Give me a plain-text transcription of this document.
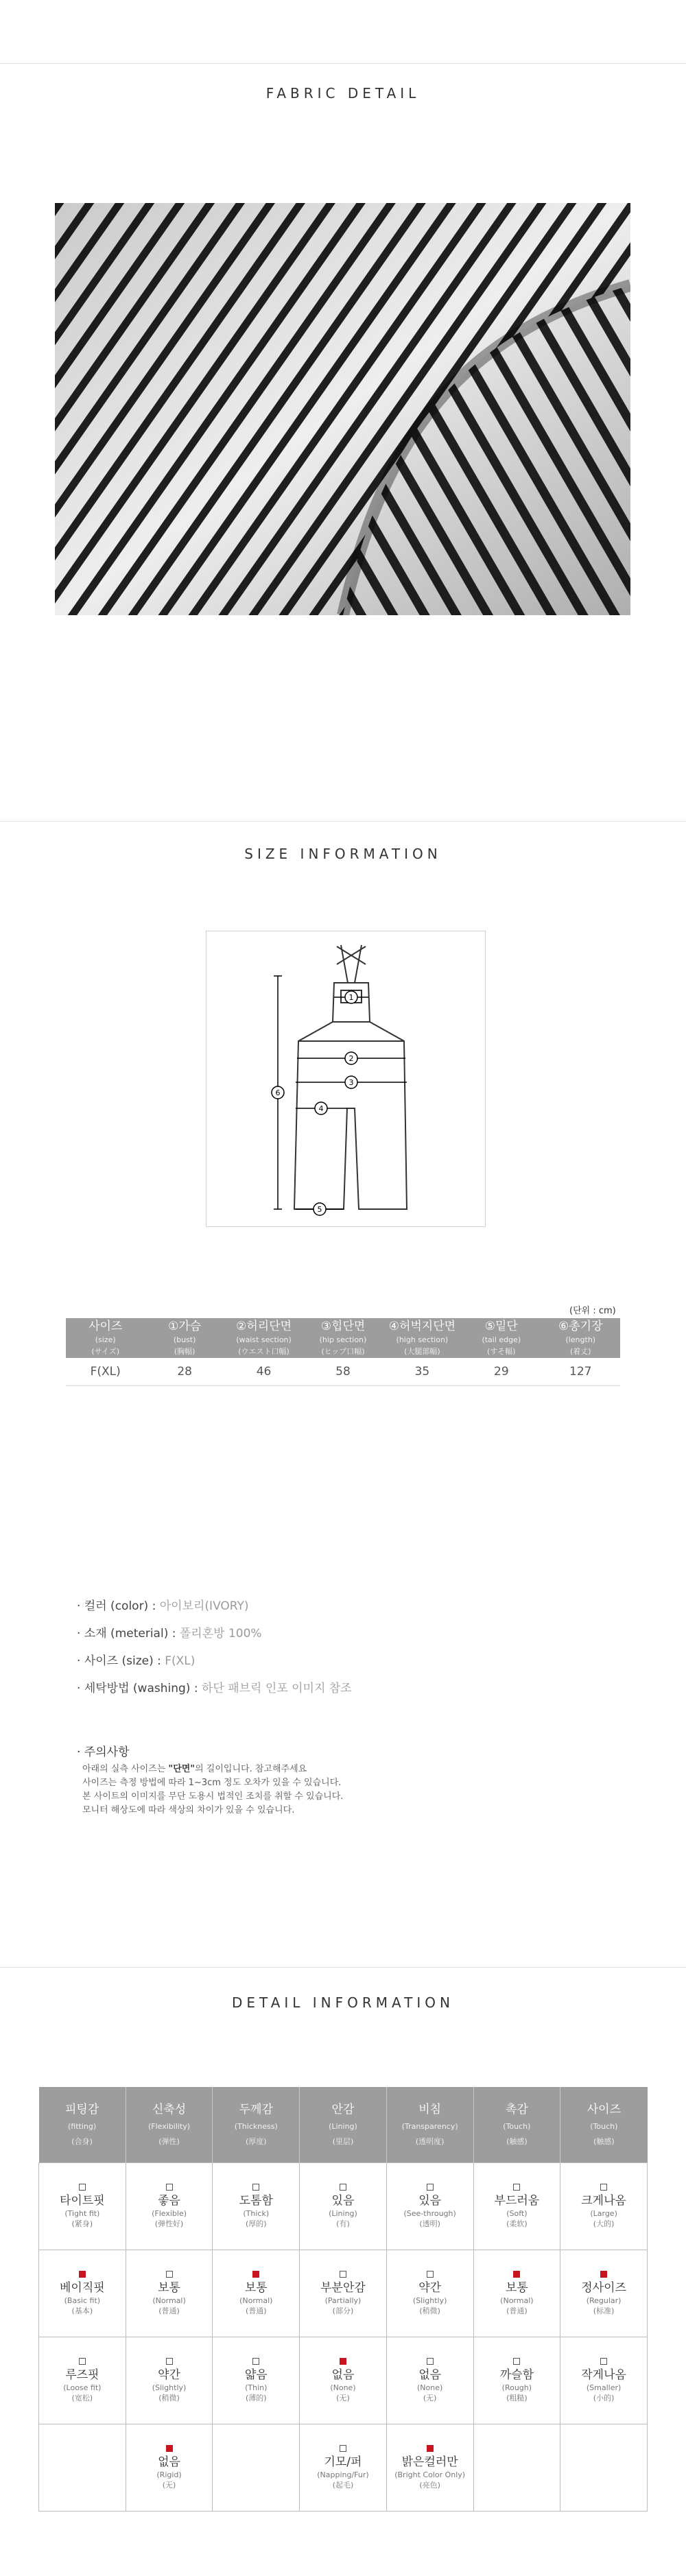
FABRIC DETAIL
SIZE INFORMATION
1
2
3
4
5
6
(단위 : cm)
사이즈
(size)
(サイズ)	①가슴
(bust)
(胸幅)	②허리단면
(waist section)
(ウエスト口幅)	③힙단면
(hip section)
(ヒップ口幅)	④허벅지단면
(high section)
(大腿部幅)	⑤밑단
(tail edge)
(すそ幅)	⑥총기장
(length)
(着丈)

F(XL)	28	46	58	35	29	127
· 컬러 (color) : 아이보리(IVORY)
· 소재 (meterial) : 폴리혼방 100%
· 사이즈 (size) : F(XL)
· 세탁방법 (washing) : 하단 패브릭 인포 이미지 참조
· 주의사항
아래의 실측 사이즈는 "단면"의 길이입니다. 참고해주세요
사이즈는 측정 방법에 따라 1~3cm 정도 오차가 있을 수 있습니다.
본 사이트의 이미지를 무단 도용시 법적인 조치를 취할 수 있습니다.
모니터 해상도에 따라 색상의 차이가 있을 수 있습니다.
DETAIL INFORMATION
피팅감
(fitting)
(合身)	신축성
(Flexibility)
(弹性)	두께감
(Thickness)
(厚度)	안감
(Lining)
(里层)	비침
(Transparency)
(透明度)	촉감
(Touch)
(触感)	사이즈
(Touch)
(触感)

타이트핏
(Tight fit)
(紧身)	좋음
(Flexible)
(弹性好)	도톰함
(Thick)
(厚的)	있음
(Lining)
(有)	있음
(See-through)
(透明)	부드러움
(Soft)
(柔软)	크게나옴
(Large)
(大的)

베이직핏
(Basic fit)
(基本)	보통
(Normal)
(普通)	보통
(Normal)
(普通)	부분안감
(Partially)
(部分)	약간
(Slightly)
(稍微)	보통
(Normal)
(普通)	정사이즈
(Regular)
(标准)

루즈핏
(Loose fit)
(宽松)	약간
(Slightly)
(稍微)	얇음
(Thin)
(薄的)	없음
(None)
(无)	없음
(None)
(无)	까슬함
(Rough)
(粗糙)	작게나옴
(Smaller)
(小的)

	없음
(Rigid)
(无)		기모/퍼
(Napping/Fur)
(起毛)	밝은컬러만
(Bright Color Only)
(亮色)		
